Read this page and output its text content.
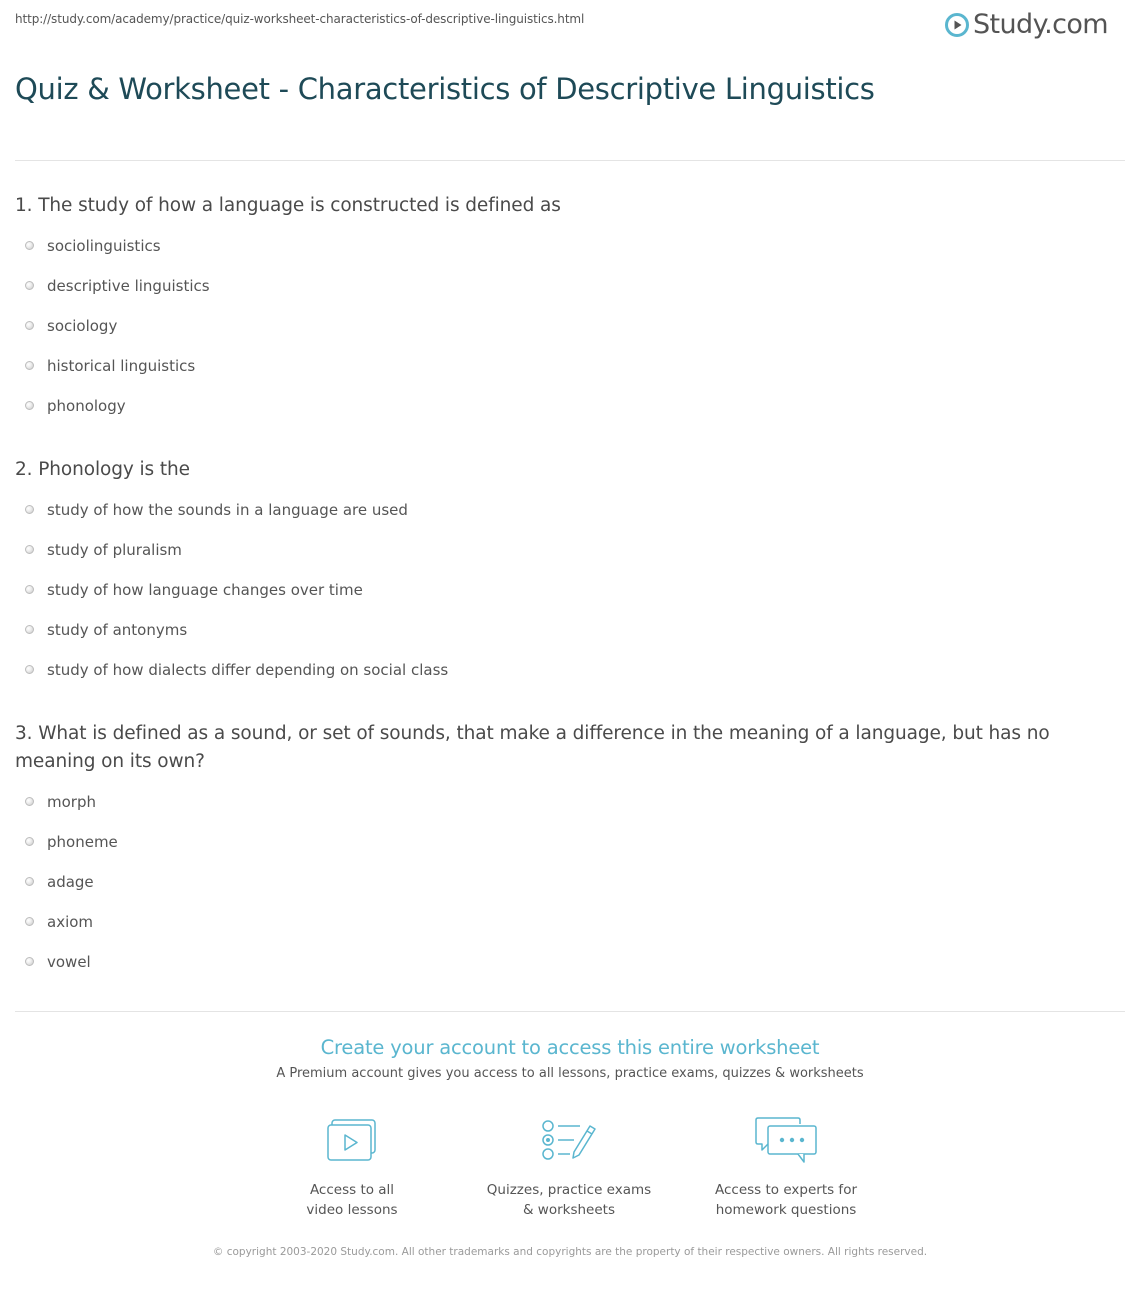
http://study.com/academy/practice/quiz-worksheet-characteristics-of-descriptive-linguistics.html	Study.com
Quiz & Worksheet - Characteristics of Descriptive Linguistics

1. The study of how a language is constructed is defined as

sociolinguistics
descriptive linguistics
sociology
historical linguistics
phonology

2. Phonology is the

study of how the sounds in a language are used
study of pluralism
study of how language changes over time
study of antonyms
study of how dialects differ depending on social class

3. What is defined as a sound, or set of sounds, that make a difference in the meaning of a language, but has no meaning on its own?

morph
phoneme
adage
axiom
vowel

Create your account to access this entire worksheet

A Premium account gives you access to all lessons, practice exams, quizzes & worksheets

Access to all
video lessons
Quizzes, practice exams
& worksheets
Access to experts for
homework questions
© copyright 2003-2020 Study.com. All other trademarks and copyrights are the property of their respective owners. All rights reserved.
